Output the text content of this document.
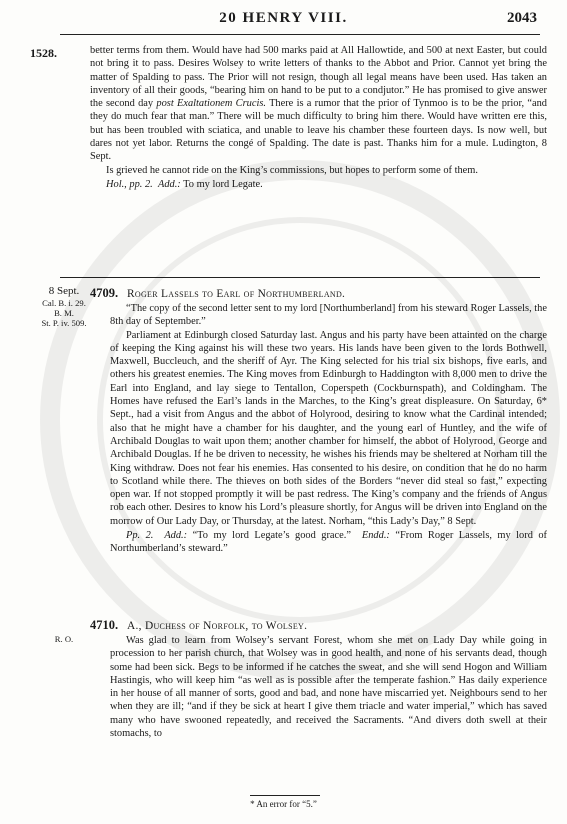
20 HENRY VIII.	2043
1528.	better terms from them. Would have had 500 marks paid at All Hallowtide, and 500 at next Easter, but could not bring it to pass. Desires Wolsey to write letters of thanks to the Abbot and Prior. Cannot yet bring the matter of Spalding to pass. The Prior will not resign, though all legal means have been used. Has taken an inventory of all their goods, “bearing him on hand to be put to a condjutor.” He has promised to give answer the second day post Exaltationem Crucis. There is a rumor that the prior of Tynmoo is to be the prior, “and they do much fear that man.” There will be much difficulty to bring him there. Would have written ere this, but has been troubled with sciatica, and unable to leave his chamber these fourteen days. Is now well, but dares not yet labor. Returns the congé of Spalding. The date is past. Thanks him for a mule. Ludington, 8 Sept.

Is grieved he cannot ride on the King’s commissions, but hopes to perform some of them.

Hol., pp. 2. Add.: To my lord Legate.

8 Sept.
Cal. B. i. 29.
B. M.
St. P. iv. 509.
4709. Roger Lassels to Earl of Northumberland.

“The copy of the second letter sent to my lord [Northumberland] from his steward Roger Lassels, the 8th day of September.”

Parliament at Edinburgh closed Saturday last. Angus and his party have been attainted on the charge of keeping the King against his will these two years. His lands have been given to the lords Bothwell, Maxwell, Buccleuch, and the sheriff of Ayr. The King selected for his trial six bishops, five earls, and others his greatest enemies. The King moves from Edinburgh to Haddington with 8,000 men to drive the Earl into England, and lay siege to Tentallon, Coperspeth (Cockburnspath), and Coldingham. The Homes have refused the Earl’s lands in the Marches, to the King’s great displeasure. On Saturday, 6* Sept., had a visit from Angus and the abbot of Holyrood, desiring to know what the Cardinal intended; also that he might have a chamber for his daughter, and the young earl of Huntley, and the wife of Archibald Douglas to wait upon them; another chamber for himself, the abbot of Holyrood, George and Archibald Douglas. If he be driven to necessity, he wishes his friends may be sheltered at Norham till the King withdraw. Does not fear his enemies. Has consented to his desire, on condition that he do no harm to Scotland while there. The thieves on both sides of the Borders “never did steal so fast,” expecting open war. If not stopped promptly it will be past redress. The King’s company and the friends of Angus rob each other. Desires to know his Lord’s pleasure shortly, for Angus will be driven into England on the morrow of Our Lady Day, or Thursday, at the latest. Norham, “this Lady’s Day,” 8 Sept.

Pp. 2. Add.: “To my lord Legate’s good grace.” Endd.: “From Roger Lassels, my lord of Northumberland’s steward.”

R. O.
4710. A., Duchess of Norfolk, to Wolsey.

Was glad to learn from Wolsey’s servant Forest, whom she met on Lady Day while going in procession to her parish church, that Wolsey was in good health, and none of his servants dead, though some had been sick. Begs to be informed if he catches the sweat, and she will send Hogon and William Hastingis, who will keep him “as well as is possible after the temperate fashion.” Has daily experience in her house of all manner of sorts, good and bad, and none have miscarried yet. Neighbours send to her when they are ill; “and if they be sick at heart I give them triacle and water imperial,” which has saved many who have swooned repeatedly, and received the Sacraments. “And divers doth swell at their stomachs, to

* An error for “5.”
